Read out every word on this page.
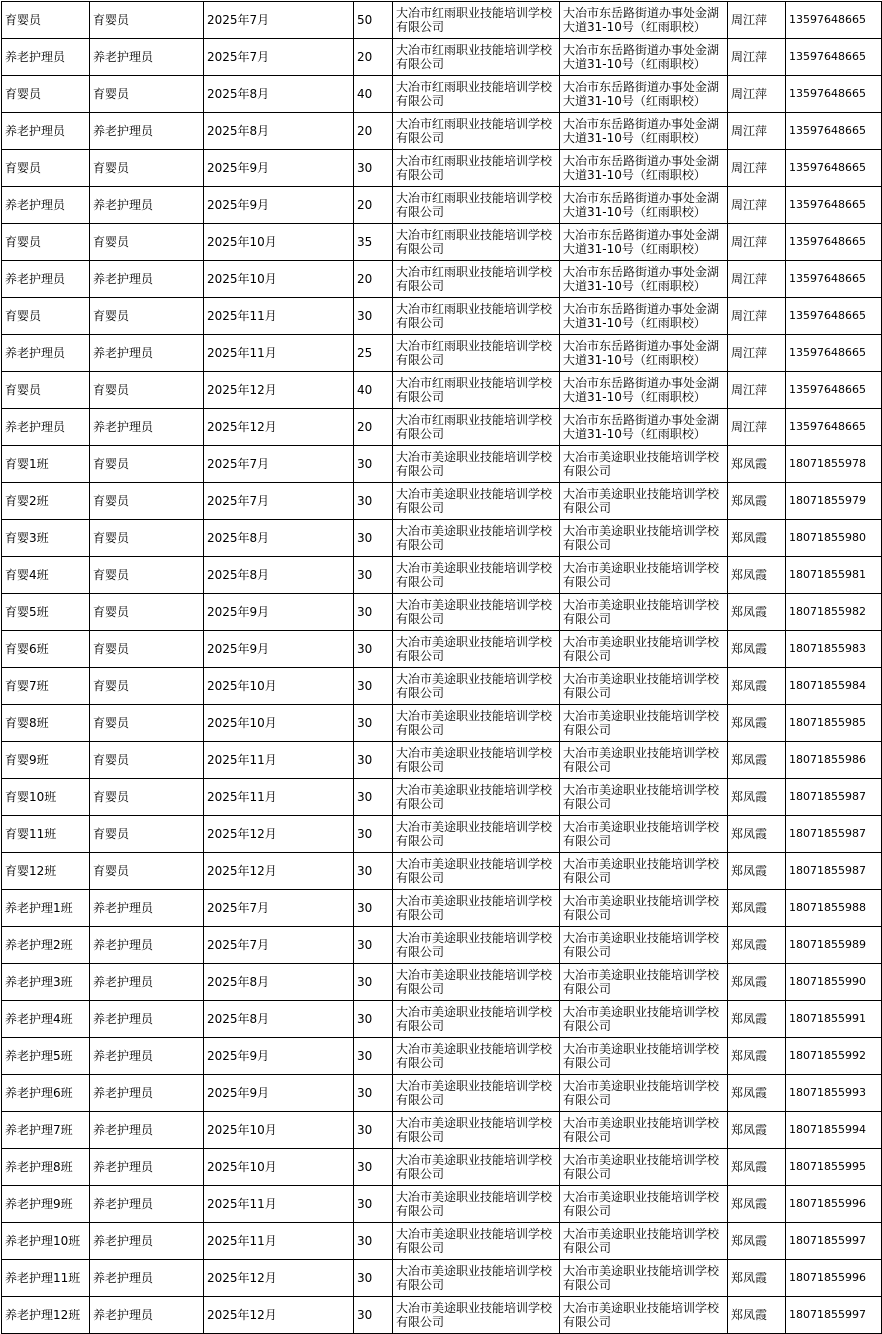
育婴员	育婴员	2025年7月	50	大冶市红雨职业技能培训学校有限公司	大冶市东岳路街道办事处金湖大道31-10号（红雨职校）	周江萍	13597648665
养老护理员	养老护理员	2025年7月	20	大冶市红雨职业技能培训学校有限公司	大冶市东岳路街道办事处金湖大道31-10号（红雨职校）	周江萍	13597648665
育婴员	育婴员	2025年8月	40	大冶市红雨职业技能培训学校有限公司	大冶市东岳路街道办事处金湖大道31-10号（红雨职校）	周江萍	13597648665
养老护理员	养老护理员	2025年8月	20	大冶市红雨职业技能培训学校有限公司	大冶市东岳路街道办事处金湖大道31-10号（红雨职校）	周江萍	13597648665
育婴员	育婴员	2025年9月	30	大冶市红雨职业技能培训学校有限公司	大冶市东岳路街道办事处金湖大道31-10号（红雨职校）	周江萍	13597648665
养老护理员	养老护理员	2025年9月	20	大冶市红雨职业技能培训学校有限公司	大冶市东岳路街道办事处金湖大道31-10号（红雨职校）	周江萍	13597648665
育婴员	育婴员	2025年10月	35	大冶市红雨职业技能培训学校有限公司	大冶市东岳路街道办事处金湖大道31-10号（红雨职校）	周江萍	13597648665
养老护理员	养老护理员	2025年10月	20	大冶市红雨职业技能培训学校有限公司	大冶市东岳路街道办事处金湖大道31-10号（红雨职校）	周江萍	13597648665
育婴员	育婴员	2025年11月	30	大冶市红雨职业技能培训学校有限公司	大冶市东岳路街道办事处金湖大道31-10号（红雨职校）	周江萍	13597648665
养老护理员	养老护理员	2025年11月	25	大冶市红雨职业技能培训学校有限公司	大冶市东岳路街道办事处金湖大道31-10号（红雨职校）	周江萍	13597648665
育婴员	育婴员	2025年12月	40	大冶市红雨职业技能培训学校有限公司	大冶市东岳路街道办事处金湖大道31-10号（红雨职校）	周江萍	13597648665
养老护理员	养老护理员	2025年12月	20	大冶市红雨职业技能培训学校有限公司	大冶市东岳路街道办事处金湖大道31-10号（红雨职校）	周江萍	13597648665
育婴1班	育婴员	2025年7月	30	大冶市美途职业技能培训学校有限公司	大冶市美途职业技能培训学校有限公司	郑凤霞	18071855978
育婴2班	育婴员	2025年7月	30	大冶市美途职业技能培训学校有限公司	大冶市美途职业技能培训学校有限公司	郑凤霞	18071855979
育婴3班	育婴员	2025年8月	30	大冶市美途职业技能培训学校有限公司	大冶市美途职业技能培训学校有限公司	郑凤霞	18071855980
育婴4班	育婴员	2025年8月	30	大冶市美途职业技能培训学校有限公司	大冶市美途职业技能培训学校有限公司	郑凤霞	18071855981
育婴5班	育婴员	2025年9月	30	大冶市美途职业技能培训学校有限公司	大冶市美途职业技能培训学校有限公司	郑凤霞	18071855982
育婴6班	育婴员	2025年9月	30	大冶市美途职业技能培训学校有限公司	大冶市美途职业技能培训学校有限公司	郑凤霞	18071855983
育婴7班	育婴员	2025年10月	30	大冶市美途职业技能培训学校有限公司	大冶市美途职业技能培训学校有限公司	郑凤霞	18071855984
育婴8班	育婴员	2025年10月	30	大冶市美途职业技能培训学校有限公司	大冶市美途职业技能培训学校有限公司	郑凤霞	18071855985
育婴9班	育婴员	2025年11月	30	大冶市美途职业技能培训学校有限公司	大冶市美途职业技能培训学校有限公司	郑凤霞	18071855986
育婴10班	育婴员	2025年11月	30	大冶市美途职业技能培训学校有限公司	大冶市美途职业技能培训学校有限公司	郑凤霞	18071855987
育婴11班	育婴员	2025年12月	30	大冶市美途职业技能培训学校有限公司	大冶市美途职业技能培训学校有限公司	郑凤霞	18071855987
育婴12班	育婴员	2025年12月	30	大冶市美途职业技能培训学校有限公司	大冶市美途职业技能培训学校有限公司	郑凤霞	18071855987
养老护理1班	养老护理员	2025年7月	30	大冶市美途职业技能培训学校有限公司	大冶市美途职业技能培训学校有限公司	郑凤霞	18071855988
养老护理2班	养老护理员	2025年7月	30	大冶市美途职业技能培训学校有限公司	大冶市美途职业技能培训学校有限公司	郑凤霞	18071855989
养老护理3班	养老护理员	2025年8月	30	大冶市美途职业技能培训学校有限公司	大冶市美途职业技能培训学校有限公司	郑凤霞	18071855990
养老护理4班	养老护理员	2025年8月	30	大冶市美途职业技能培训学校有限公司	大冶市美途职业技能培训学校有限公司	郑凤霞	18071855991
养老护理5班	养老护理员	2025年9月	30	大冶市美途职业技能培训学校有限公司	大冶市美途职业技能培训学校有限公司	郑凤霞	18071855992
养老护理6班	养老护理员	2025年9月	30	大冶市美途职业技能培训学校有限公司	大冶市美途职业技能培训学校有限公司	郑凤霞	18071855993
养老护理7班	养老护理员	2025年10月	30	大冶市美途职业技能培训学校有限公司	大冶市美途职业技能培训学校有限公司	郑凤霞	18071855994
养老护理8班	养老护理员	2025年10月	30	大冶市美途职业技能培训学校有限公司	大冶市美途职业技能培训学校有限公司	郑凤霞	18071855995
养老护理9班	养老护理员	2025年11月	30	大冶市美途职业技能培训学校有限公司	大冶市美途职业技能培训学校有限公司	郑凤霞	18071855996
养老护理10班	养老护理员	2025年11月	30	大冶市美途职业技能培训学校有限公司	大冶市美途职业技能培训学校有限公司	郑凤霞	18071855997
养老护理11班	养老护理员	2025年12月	30	大冶市美途职业技能培训学校有限公司	大冶市美途职业技能培训学校有限公司	郑凤霞	18071855996
养老护理12班	养老护理员	2025年12月	30	大冶市美途职业技能培训学校有限公司	大冶市美途职业技能培训学校有限公司	郑凤霞	18071855997
